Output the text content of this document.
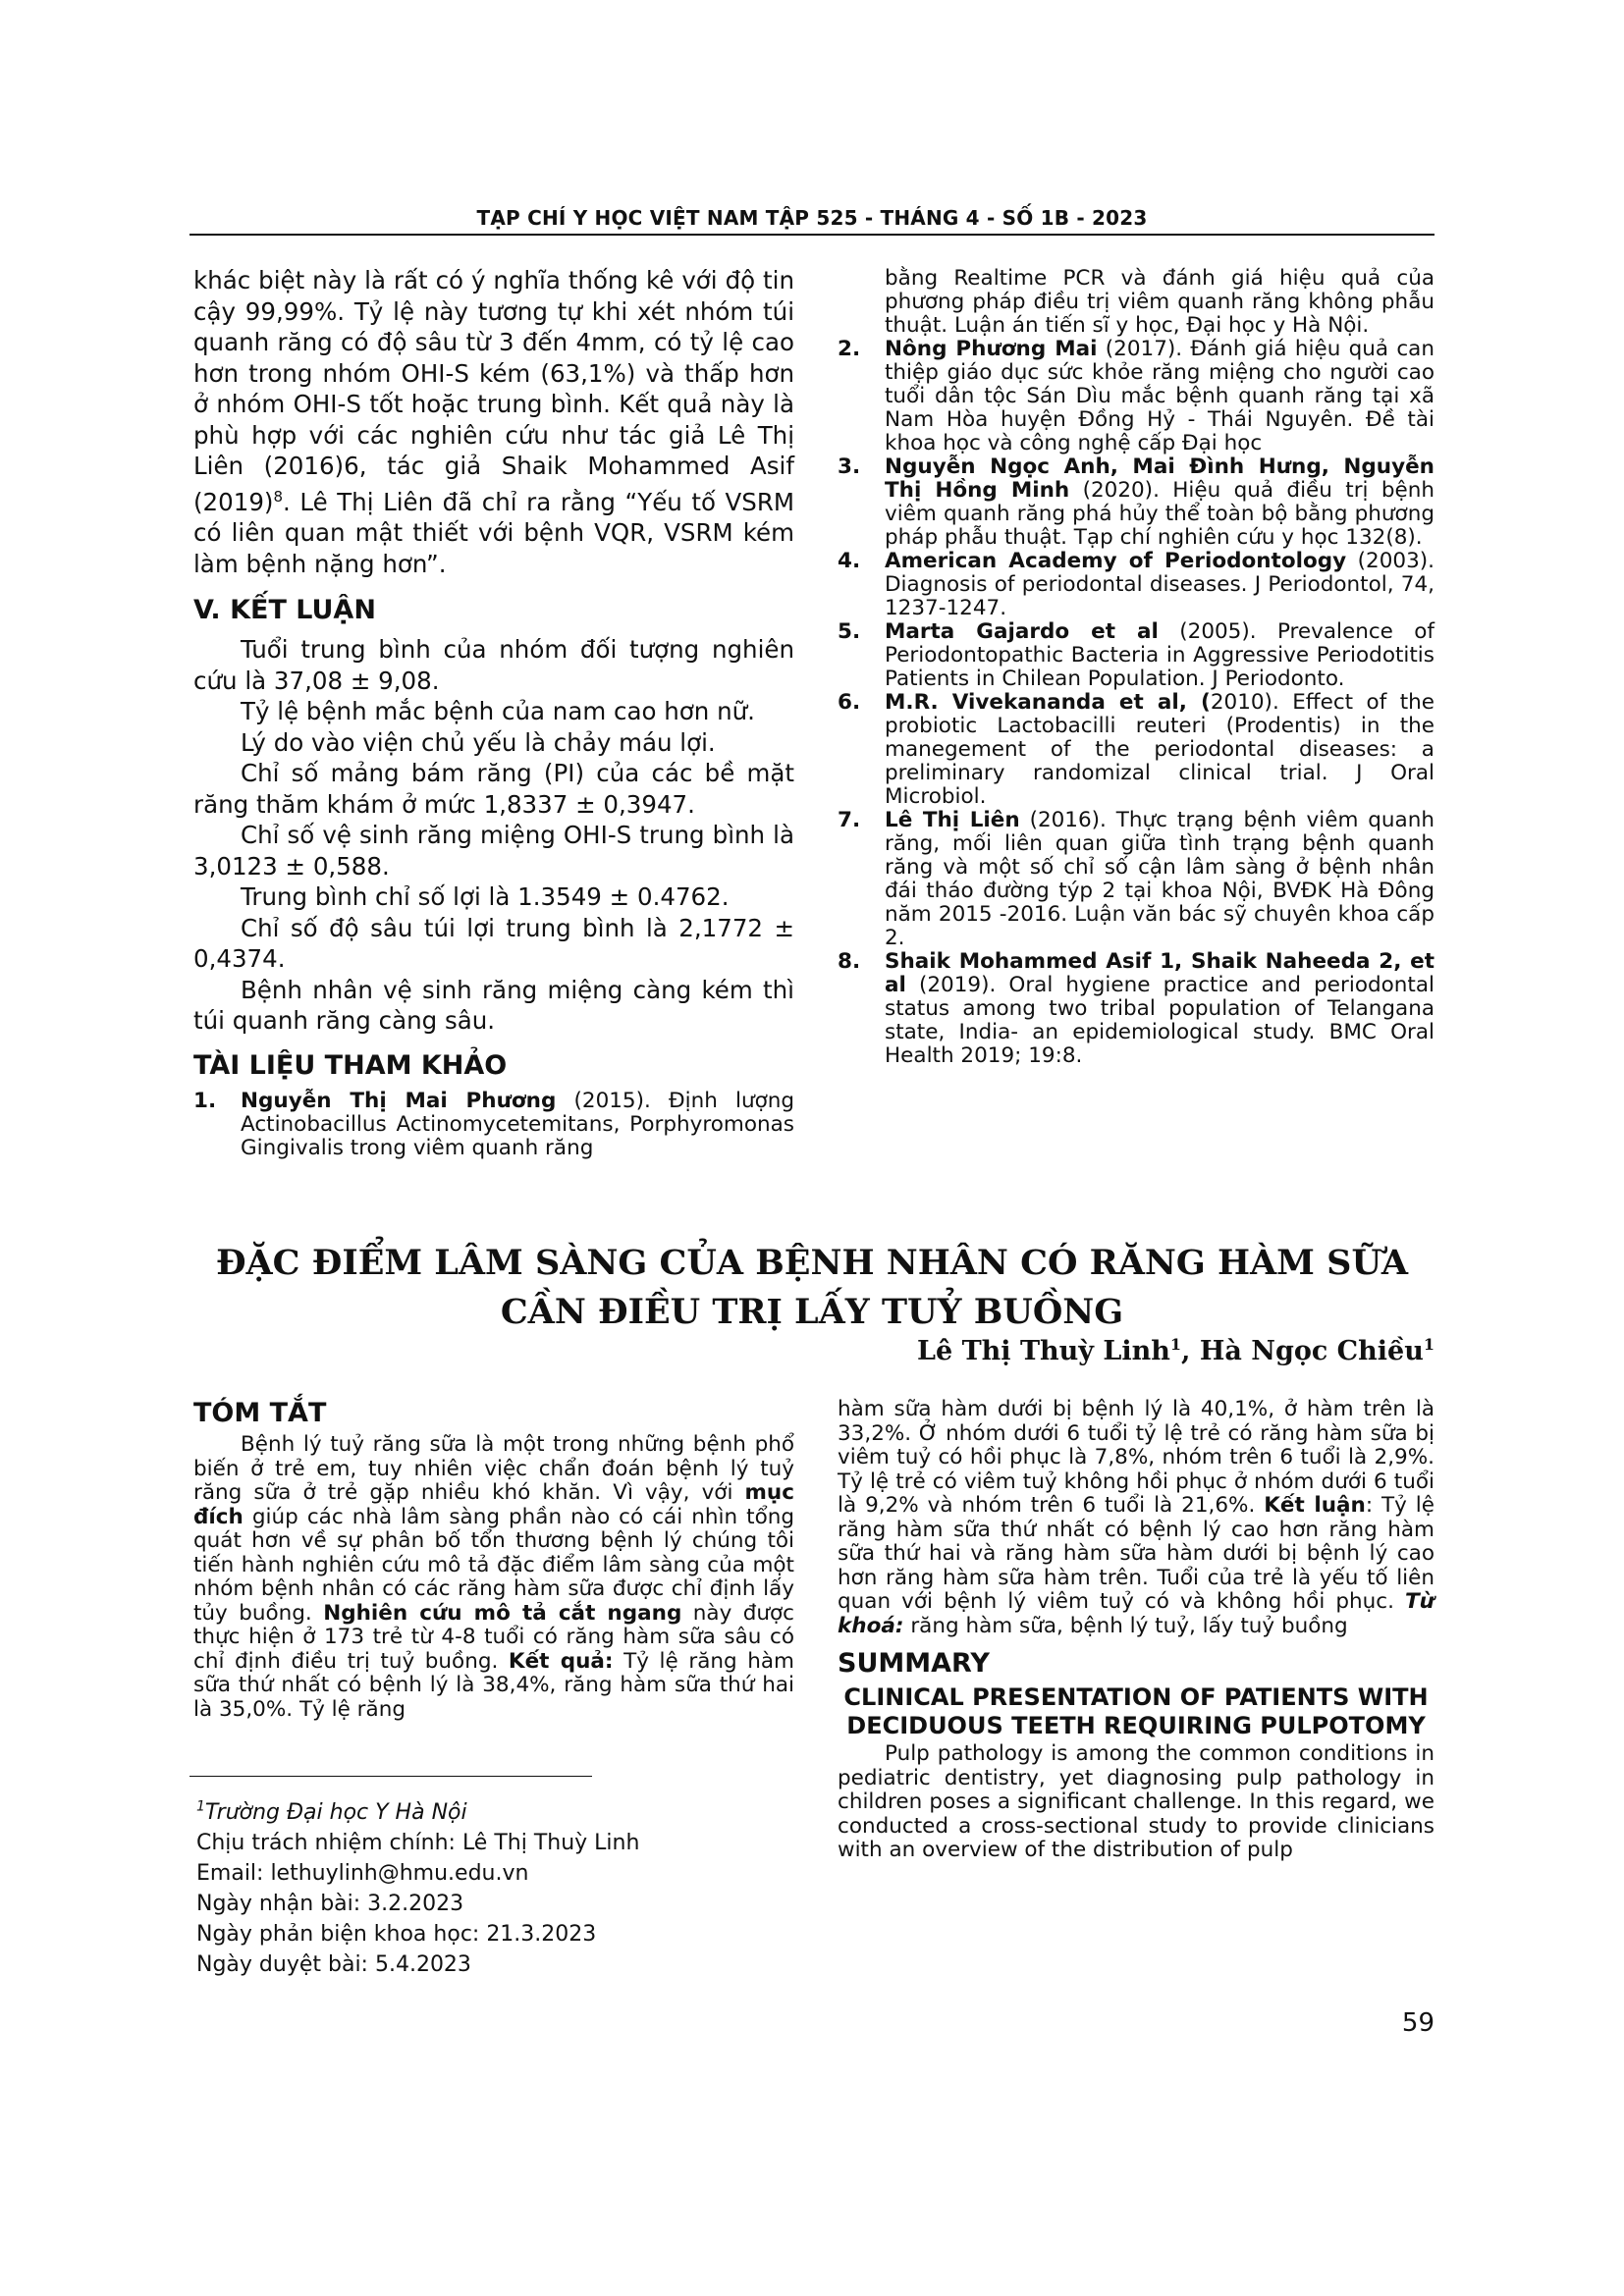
TẠP CHÍ Y HỌC VIỆT NAM TẬP 525 - THÁNG 4 - SỐ 1B - 2023

khác biệt này là rất có ý nghĩa thống kê với độ tin cậy 99,99%. Tỷ lệ này tương tự khi xét nhóm túi quanh răng có độ sâu từ 3 đến 4mm, có tỷ lệ cao hơn trong nhóm OHI-S kém (63,1%) và thấp hơn ở nhóm OHI-S tốt hoặc trung bình. Kết quả này là phù hợp với các nghiên cứu như tác giả Lê Thị Liên (2016)6, tác giả Shaik Mohammed Asif $(2019)^8$. Lê Thị Liên đã chỉ ra rằng “Yếu tố VSRM có liên quan mật thiết với bệnh VQR, VSRM kém làm bệnh nặng hơn”.

V. KẾT LUẬN

Tuổi trung bình của nhóm đối tượng nghiên cứu là 37,08 ± 9,08.

Tỷ lệ bệnh mắc bệnh của nam cao hơn nữ.

Lý do vào viện chủ yếu là chảy máu lợi.

Chỉ số mảng bám răng (PI) của các bề mặt răng thăm khám ở mức 1,8337 ± 0,3947.

Chỉ số vệ sinh răng miệng OHI-S trung bình là 3,0123 ± 0,588.

Trung bình chỉ số lợi là 1.3549 ± 0.4762.

Chỉ số độ sâu túi lợi trung bình là 2,1772 ± 0,4374.

Bệnh nhân vệ sinh răng miệng càng kém thì túi quanh răng càng sâu.

TÀI LIỆU THAM KHẢO
1.	Nguyễn Thị Mai Phương (2015). Định lượng Actinobacillus Actinomycetemitans, Porphyromonas Gingivalis trong viêm quanh răng
bằng Realtime PCR và đánh giá hiệu quả của phương pháp điều trị viêm quanh răng không phẫu thuật. Luận án tiến sĩ y học, Đại học y Hà Nội.
2.	Nông Phương Mai (2017). Đánh giá hiệu quả can thiệp giáo dục sức khỏe răng miệng cho người cao tuổi dân tộc Sán Dìu mắc bệnh quanh răng tại xã Nam Hòa huyện Đồng Hỷ - Thái Nguyên. Đề tài khoa học và công nghệ cấp Đại học
3.	Nguyễn Ngọc Anh, Mai Đình Hưng, Nguyễn Thị Hồng Minh (2020). Hiệu quả điều trị bệnh viêm quanh răng phá hủy thể toàn bộ bằng phương pháp phẫu thuật. Tạp chí nghiên cứu y học 132(8).
4.	American Academy of Periodontology (2003). Diagnosis of periodontal diseases. J Periodontol, 74, 1237-1247.
5.	Marta Gajardo et al (2005). Prevalence of Periodontopathic Bacteria in Aggressive Periodotitis Patients in Chilean Population. J Periodonto.
6.	M.R. Vivekananda et al, (2010). Effect of the probiotic Lactobacilli reuteri (Prodentis) in the manegement of the periodontal diseases: a preliminary randomizal clinical trial. J Oral Microbiol.
7.	Lê Thị Liên (2016). Thực trạng bệnh viêm quanh răng, mối liên quan giữa tình trạng bệnh quanh răng và một số chỉ số cận lâm sàng ở bệnh nhân đái tháo đường týp 2 tại khoa Nội, BVĐK Hà Đông năm 2015 -2016. Luận văn bác sỹ chuyên khoa cấp 2.
8.	Shaik Mohammed Asif 1, Shaik Naheeda 2, et al (2019). Oral hygiene practice and periodontal status among two tribal population of Telangana state, India- an epidemiological study. BMC Oral Health 2019; 19:8.
ĐẶC ĐIỂM LÂM SÀNG CỦA BỆNH NHÂN CÓ RĂNG HÀM SỮA
CẦN ĐIỀU TRỊ LẤY TUỶ BUỒNG
Lê Thị Thuỳ Linh$^1$, Hà Ngọc Chiều$^1$
TÓM TẮT

Bệnh lý tuỷ răng sữa là một trong những bệnh phổ biến ở trẻ em, tuy nhiên việc chẩn đoán bệnh lý tuỷ răng sữa ở trẻ gặp nhiều khó khăn. Vì vậy, với mục đích giúp các nhà lâm sàng phần nào có cái nhìn tổng quát hơn về sự phân bố tổn thương bệnh lý chúng tôi tiến hành nghiên cứu mô tả đặc điểm lâm sàng của một nhóm bệnh nhân có các răng hàm sữa được chỉ định lấy tủy buồng. Nghiên cứu mô tả cắt ngang này được thực hiện ở 173 trẻ từ 4-8 tuổi có răng hàm sữa sâu có chỉ định điều trị tuỷ buồng. Kết quả: Tỷ lệ răng hàm sữa thứ nhất có bệnh lý là 38,4%, răng hàm sữa thứ hai là 35,0%. Tỷ lệ răng

hàm sữa hàm dưới bị bệnh lý là 40,1%, ở hàm trên là 33,2%. Ở nhóm dưới 6 tuổi tỷ lệ trẻ có răng hàm sữa bị viêm tuỷ có hồi phục là 7,8%, nhóm trên 6 tuổi là 2,9%. Tỷ lệ trẻ có viêm tuỷ không hồi phục ở nhóm dưới 6 tuổi là 9,2% và nhóm trên 6 tuổi là 21,6%. Kết luận: Tỷ lệ răng hàm sữa thứ nhất có bệnh lý cao hơn răng hàm sữa thứ hai và răng hàm sữa hàm dưới bị bệnh lý cao hơn răng hàm sữa hàm trên. Tuổi của trẻ là yếu tố liên quan với bệnh lý viêm tuỷ có và không hồi phục. Từ khoá: răng hàm sữa, bệnh lý tuỷ, lấy tuỷ buồng

SUMMARY
CLINICAL PRESENTATION OF PATIENTS WITH DECIDUOUS TEETH REQUIRING PULPOTOMY

Pulp pathology is among the common conditions in pediatric dentistry, yet diagnosing pulp pathology in children poses a significant challenge. In this regard, we conducted a cross-sectional study to provide clinicians with an overview of the distribution of pulp

$^1$Trường Đại học Y Hà Nội
Chịu trách nhiệm chính: Lê Thị Thuỳ Linh
Email: lethuylinh@hmu.edu.vn
Ngày nhận bài: 3.2.2023
Ngày phản biện khoa học: 21.3.2023
Ngày duyệt bài: 5.4.2023
59
